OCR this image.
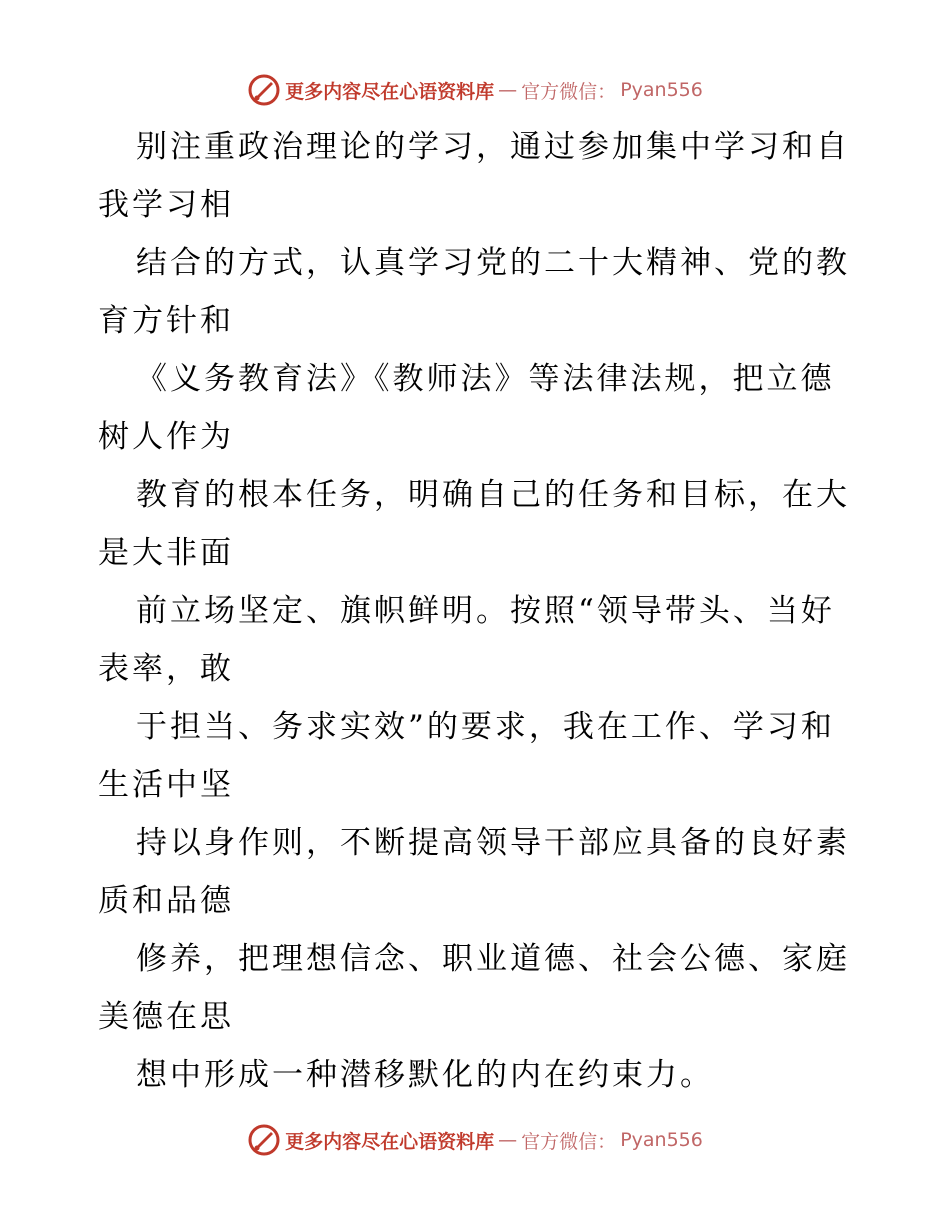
更多内容尽在心语资料库 — 官方微信： Pyan556
别注重政治理论的学习，通过参加集中学习和自
我学习相
结合的方式，认真学习党的二十大精神、党的教
育方针和
《义务教育法》《教师法》等法律法规，把立德
树人作为
教育的根本任务，明确自己的任务和目标，在大
是大非面
前立场坚定、旗帜鲜明。按照“领导带头、当好
表率，敢
于担当、务求实效”的要求，我在工作、学习和
生活中坚
持以身作则，不断提高领导干部应具备的良好素
质和品德
修养，把理想信念、职业道德、社会公德、家庭
美德在思
想中形成一种潜移默化的内在约束力。
更多内容尽在心语资料库 — 官方微信： Pyan556
